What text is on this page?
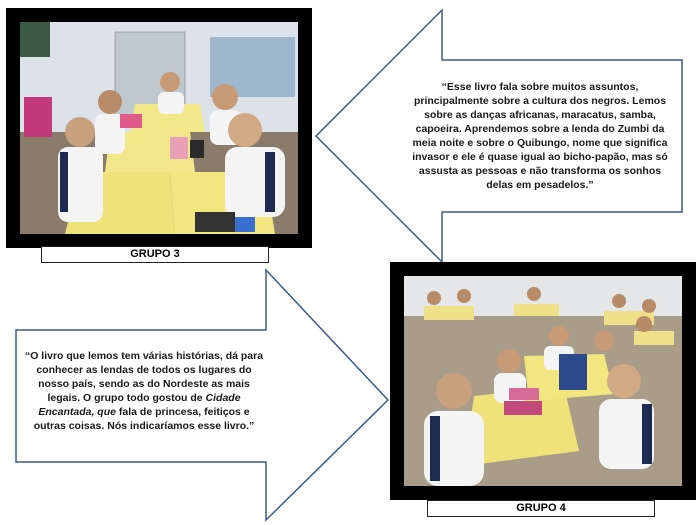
GRUPO 3
“Esse livro fala sobre muitos assuntos, principalmente sobre a cultura dos negros. Lemos sobre as danças africanas, maracatus, samba, capoeira. Aprendemos sobre a lenda do Zumbi da meia noite e sobre o Quibungo, nome que significa invasor e ele é quase igual ao bicho-papão, mas só assusta as pessoas e não transforma os sonhos delas em pesadelos.”
GRUPO 4
“O livro que lemos tem várias histórias, dá para conhecer as lendas de todos os lugares do nosso país, sendo as do Nordeste as mais legais. O grupo todo gostou de Cidade Encantada, que fala de princesa, feitiços e outras coisas. Nós indicaríamos esse livro.”
